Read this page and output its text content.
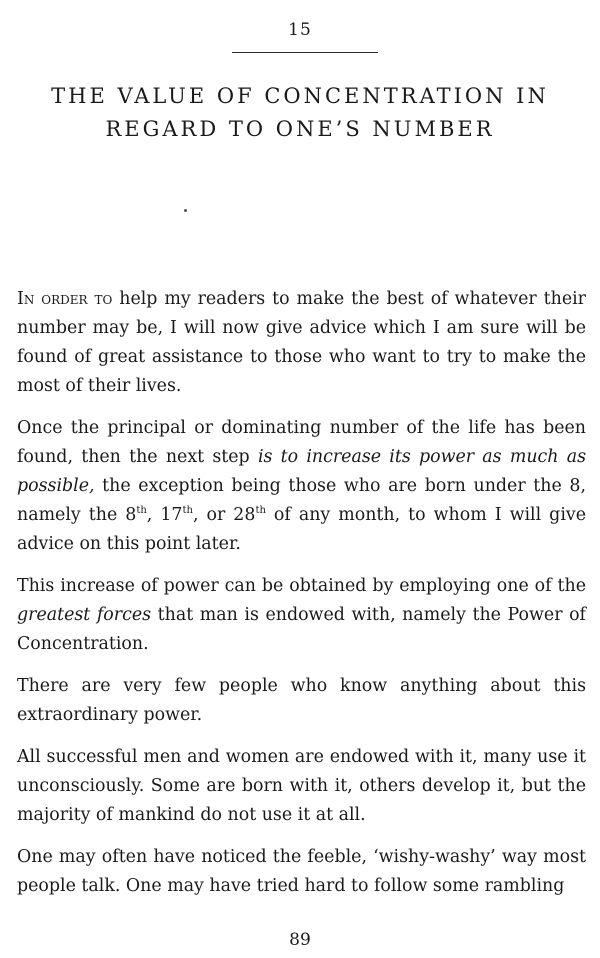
15
THE VALUE OF CONCENTRATION IN
REGARD TO ONE’S NUMBER

In order to help my readers to make the best of whatever their number may be, I will now give advice which I am sure will be found of great assistance to those who want to try to make the most of their lives.

Once the principal or dominating number of the life has been found, then the next step is to increase its power as much as possible, the exception being those who are born under the 8, namely the 8th, 17th, or 28th of any month, to whom I will give advice on this point later.

This increase of power can be obtained by employing one of the greatest forces that man is endowed with, namely the Power of Concentration.

There are very few people who know anything about this extraordinary power.

All successful men and women are endowed with it, many use it unconsciously. Some are born with it, others develop it, but the majority of mankind do not use it at all.

One may often have noticed the feeble, ‘wishy-washy’ way most people talk. One may have tried hard to follow some rambling

89
